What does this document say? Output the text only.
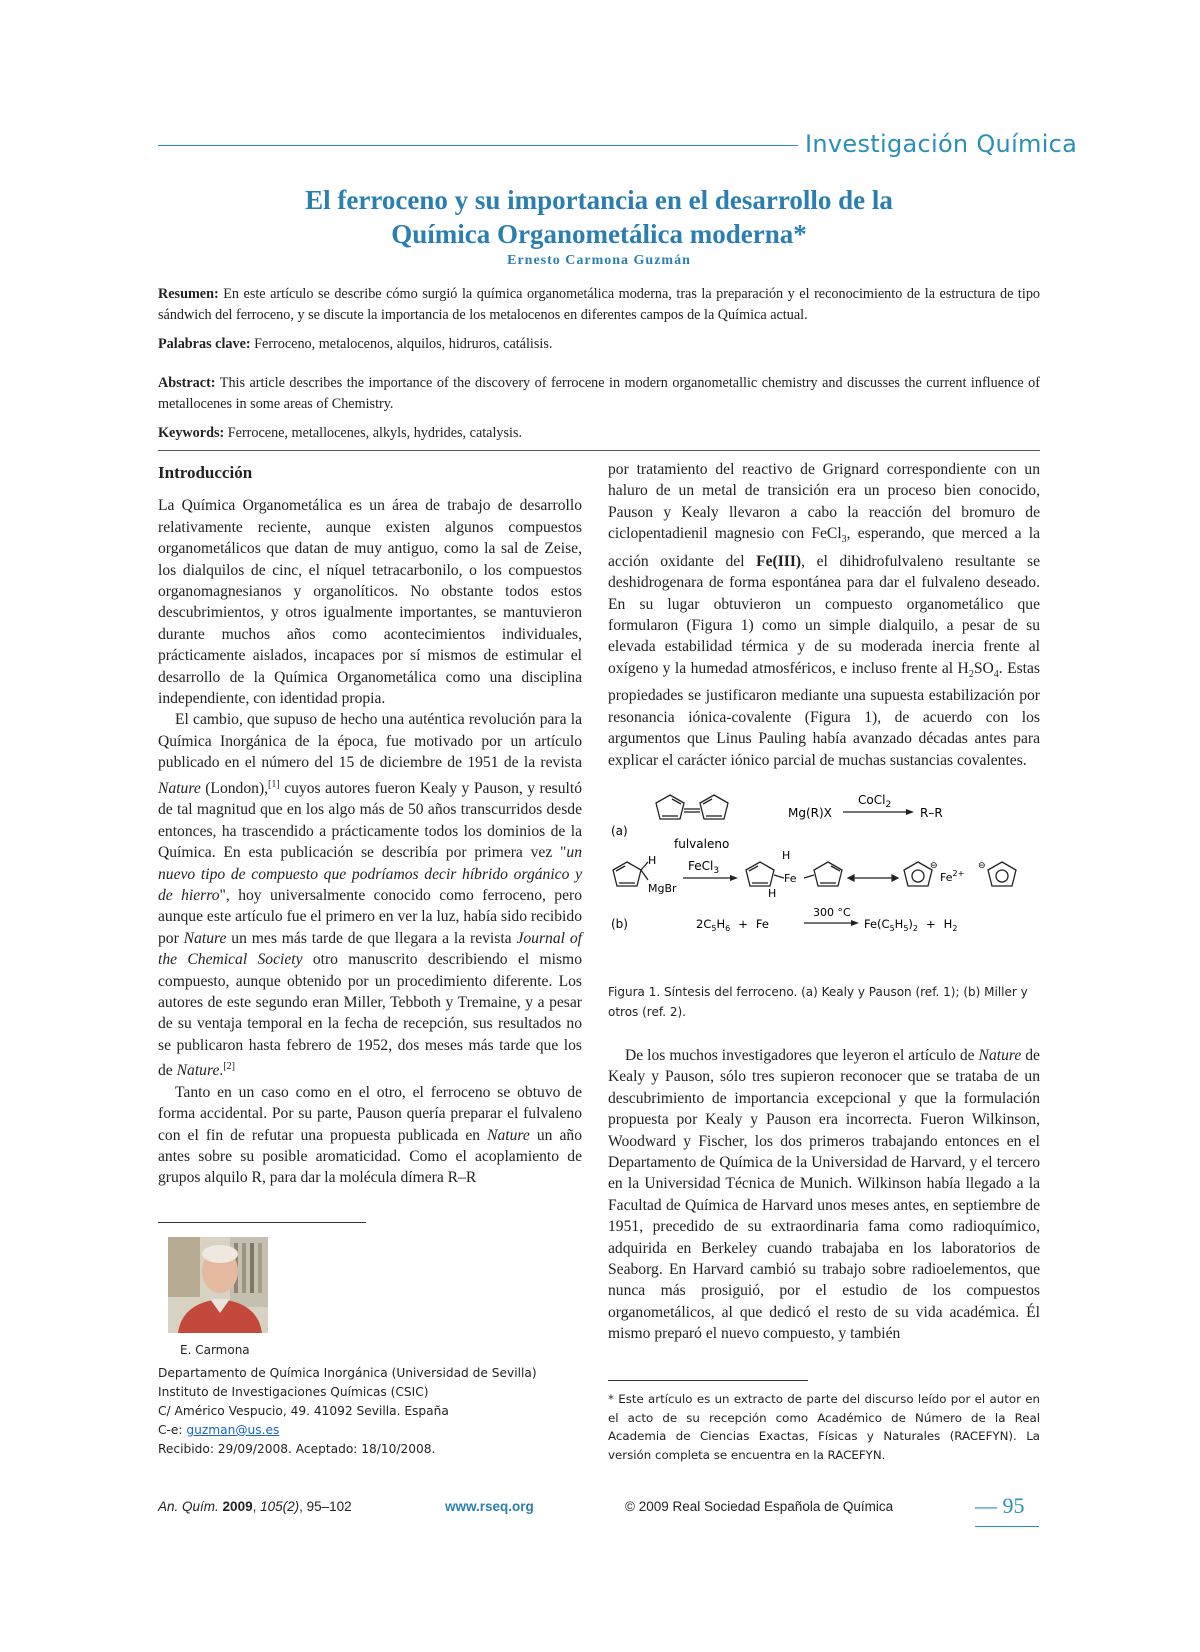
Investigación Química
El ferroceno y su importancia en el desarrollo de la
Química Organometálica moderna*
Ernesto Carmona Guzmán
Resumen: En este artículo se describe cómo surgió la química organometálica moderna, tras la preparación y el reconocimiento de la estructura de tipo sándwich del ferroceno, y se discute la importancia de los metalocenos en diferentes campos de la Química actual.
Palabras clave: Ferroceno, metalocenos, alquilos, hidruros, catálisis.
Abstract: This article describes the importance of the discovery of ferrocene in modern organometallic chemistry and discusses the current influence of metallocenes in some areas of Chemistry.
Keywords: Ferrocene, metallocenes, alkyls, hydrides, catalysis.
Introducción

La Química Organometálica es un área de trabajo de desarrollo relativamente reciente, aunque existen algunos compuestos organometálicos que datan de muy antiguo, como la sal de Zeise, los dialquilos de cinc, el níquel tetracarbonilo, o los compuestos organomagnesianos y organolíticos. No obstante todos estos descubrimientos, y otros igualmente importantes, se mantuvieron durante muchos años como acontecimientos individuales, prácticamente aislados, incapaces por sí mismos de estimular el desarrollo de la Química Organometálica como una disciplina independiente, con identidad propia.

El cambio, que supuso de hecho una auténtica revolución para la Química Inorgánica de la época, fue motivado por un artículo publicado en el número del 15 de diciembre de 1951 de la revista Nature (London),[1] cuyos autores fueron Kealy y Pauson, y resultó de tal magnitud que en los algo más de 50 años transcurridos desde entonces, ha trascendido a prácticamente todos los dominios de la Química. En esta publicación se describía por primera vez "un nuevo tipo de compuesto que podríamos decir híbrido orgánico y de hierro", hoy universalmente conocido como ferroceno, pero aunque este artículo fue el primero en ver la luz, había sido recibido por Nature un mes más tarde de que llegara a la revista Journal of the Chemical Society otro manuscrito describiendo el mismo compuesto, aunque obtenido por un procedimiento diferente. Los autores de este segundo eran Miller, Tebboth y Tremaine, y a pesar de su ventaja temporal en la fecha de recepción, sus resultados no se publicaron hasta febrero de 1952, dos meses más tarde que los de Nature.[2]

Tanto en un caso como en el otro, el ferroceno se obtuvo de forma accidental. Por su parte, Pauson quería preparar el fulvaleno con el fin de refutar una propuesta publicada en Nature un año antes sobre su posible aromaticidad. Como el acoplamiento de grupos alquilo R, para dar la molécula dímera R–R

E. Carmona
Departamento de Química Inorgánica (Universidad de Sevilla)
Instituto de Investigaciones Químicas (CSIC)
C/ Américo Vespucio, 49. 41092 Sevilla. España
C-e: guzman@us.es
Recibido: 29/09/2008. Aceptado: 18/10/2008.

por tratamiento del reactivo de Grignard correspondiente con un haluro de un metal de transición era un proceso bien conocido, Pauson y Kealy llevaron a cabo la reacción del bromuro de ciclopentadienil magnesio con FeCl$_3$, esperando, que merced a la acción oxidante del Fe(III), el dihidrofulvaleno resultante se deshidrogenara de forma espontánea para dar el fulvaleno deseado. En su lugar obtuvieron un compuesto organometálico que formularon (Figura 1) como un simple dialquilo, a pesar de su elevada estabilidad térmica y de su moderada inercia frente al oxígeno y la humedad atmosféricos, e incluso frente al $H_2SO_4$. Estas propiedades se justificaron mediante una supuesta estabilización por resonancia iónica-covalente (Figura 1), de acuerdo con los argumentos que Linus Pauling había avanzado décadas antes para explicar el carácter iónico parcial de muchas sustancias covalentes.

(a)
fulvaleno
Mg(R)X
CoCl$_2$
R–R
H
MgBr
FeCl$_3$
Fe
H
H
⊖
$Fe^{2+}$
⊖
(b)	$2C_5H_6 + Fe$
300 °C
$Fe(C_5H_5)_2 + H_2$
Figura 1. Síntesis del ferroceno. (a) Kealy y Pauson (ref. 1); (b) Miller y otros (ref. 2).

De los muchos investigadores que leyeron el artículo de Nature de Kealy y Pauson, sólo tres supieron reconocer que se trataba de un descubrimiento de importancia excepcional y que la formulación propuesta por Kealy y Pauson era incorrecta. Fueron Wilkinson, Woodward y Fischer, los dos primeros trabajando entonces en el Departamento de Química de la Universidad de Harvard, y el tercero en la Universidad Técnica de Munich. Wilkinson había llegado a la Facultad de Química de Harvard unos meses antes, en septiembre de 1951, precedido de su extraordinaria fama como radioquímico, adquirida en Berkeley cuando trabajaba en los laboratorios de Seaborg. En Harvard cambió su trabajo sobre radioelementos, que nunca más prosiguió, por el estudio de los compuestos organometálicos, al que dedicó el resto de su vida académica. Él mismo preparó el nuevo compuesto, y también

* Este artículo es un extracto de parte del discurso leído por el autor en el acto de su recepción como Académico de Número de la Real Academia de Ciencias Exactas, Físicas y Naturales (RACEFYN). La versión completa se encuentra en la RACEFYN.
An. Quím. 2009, 105(2), 95–102	www.rseq.org	© 2009 Real Sociedad Española de Química	— 95
